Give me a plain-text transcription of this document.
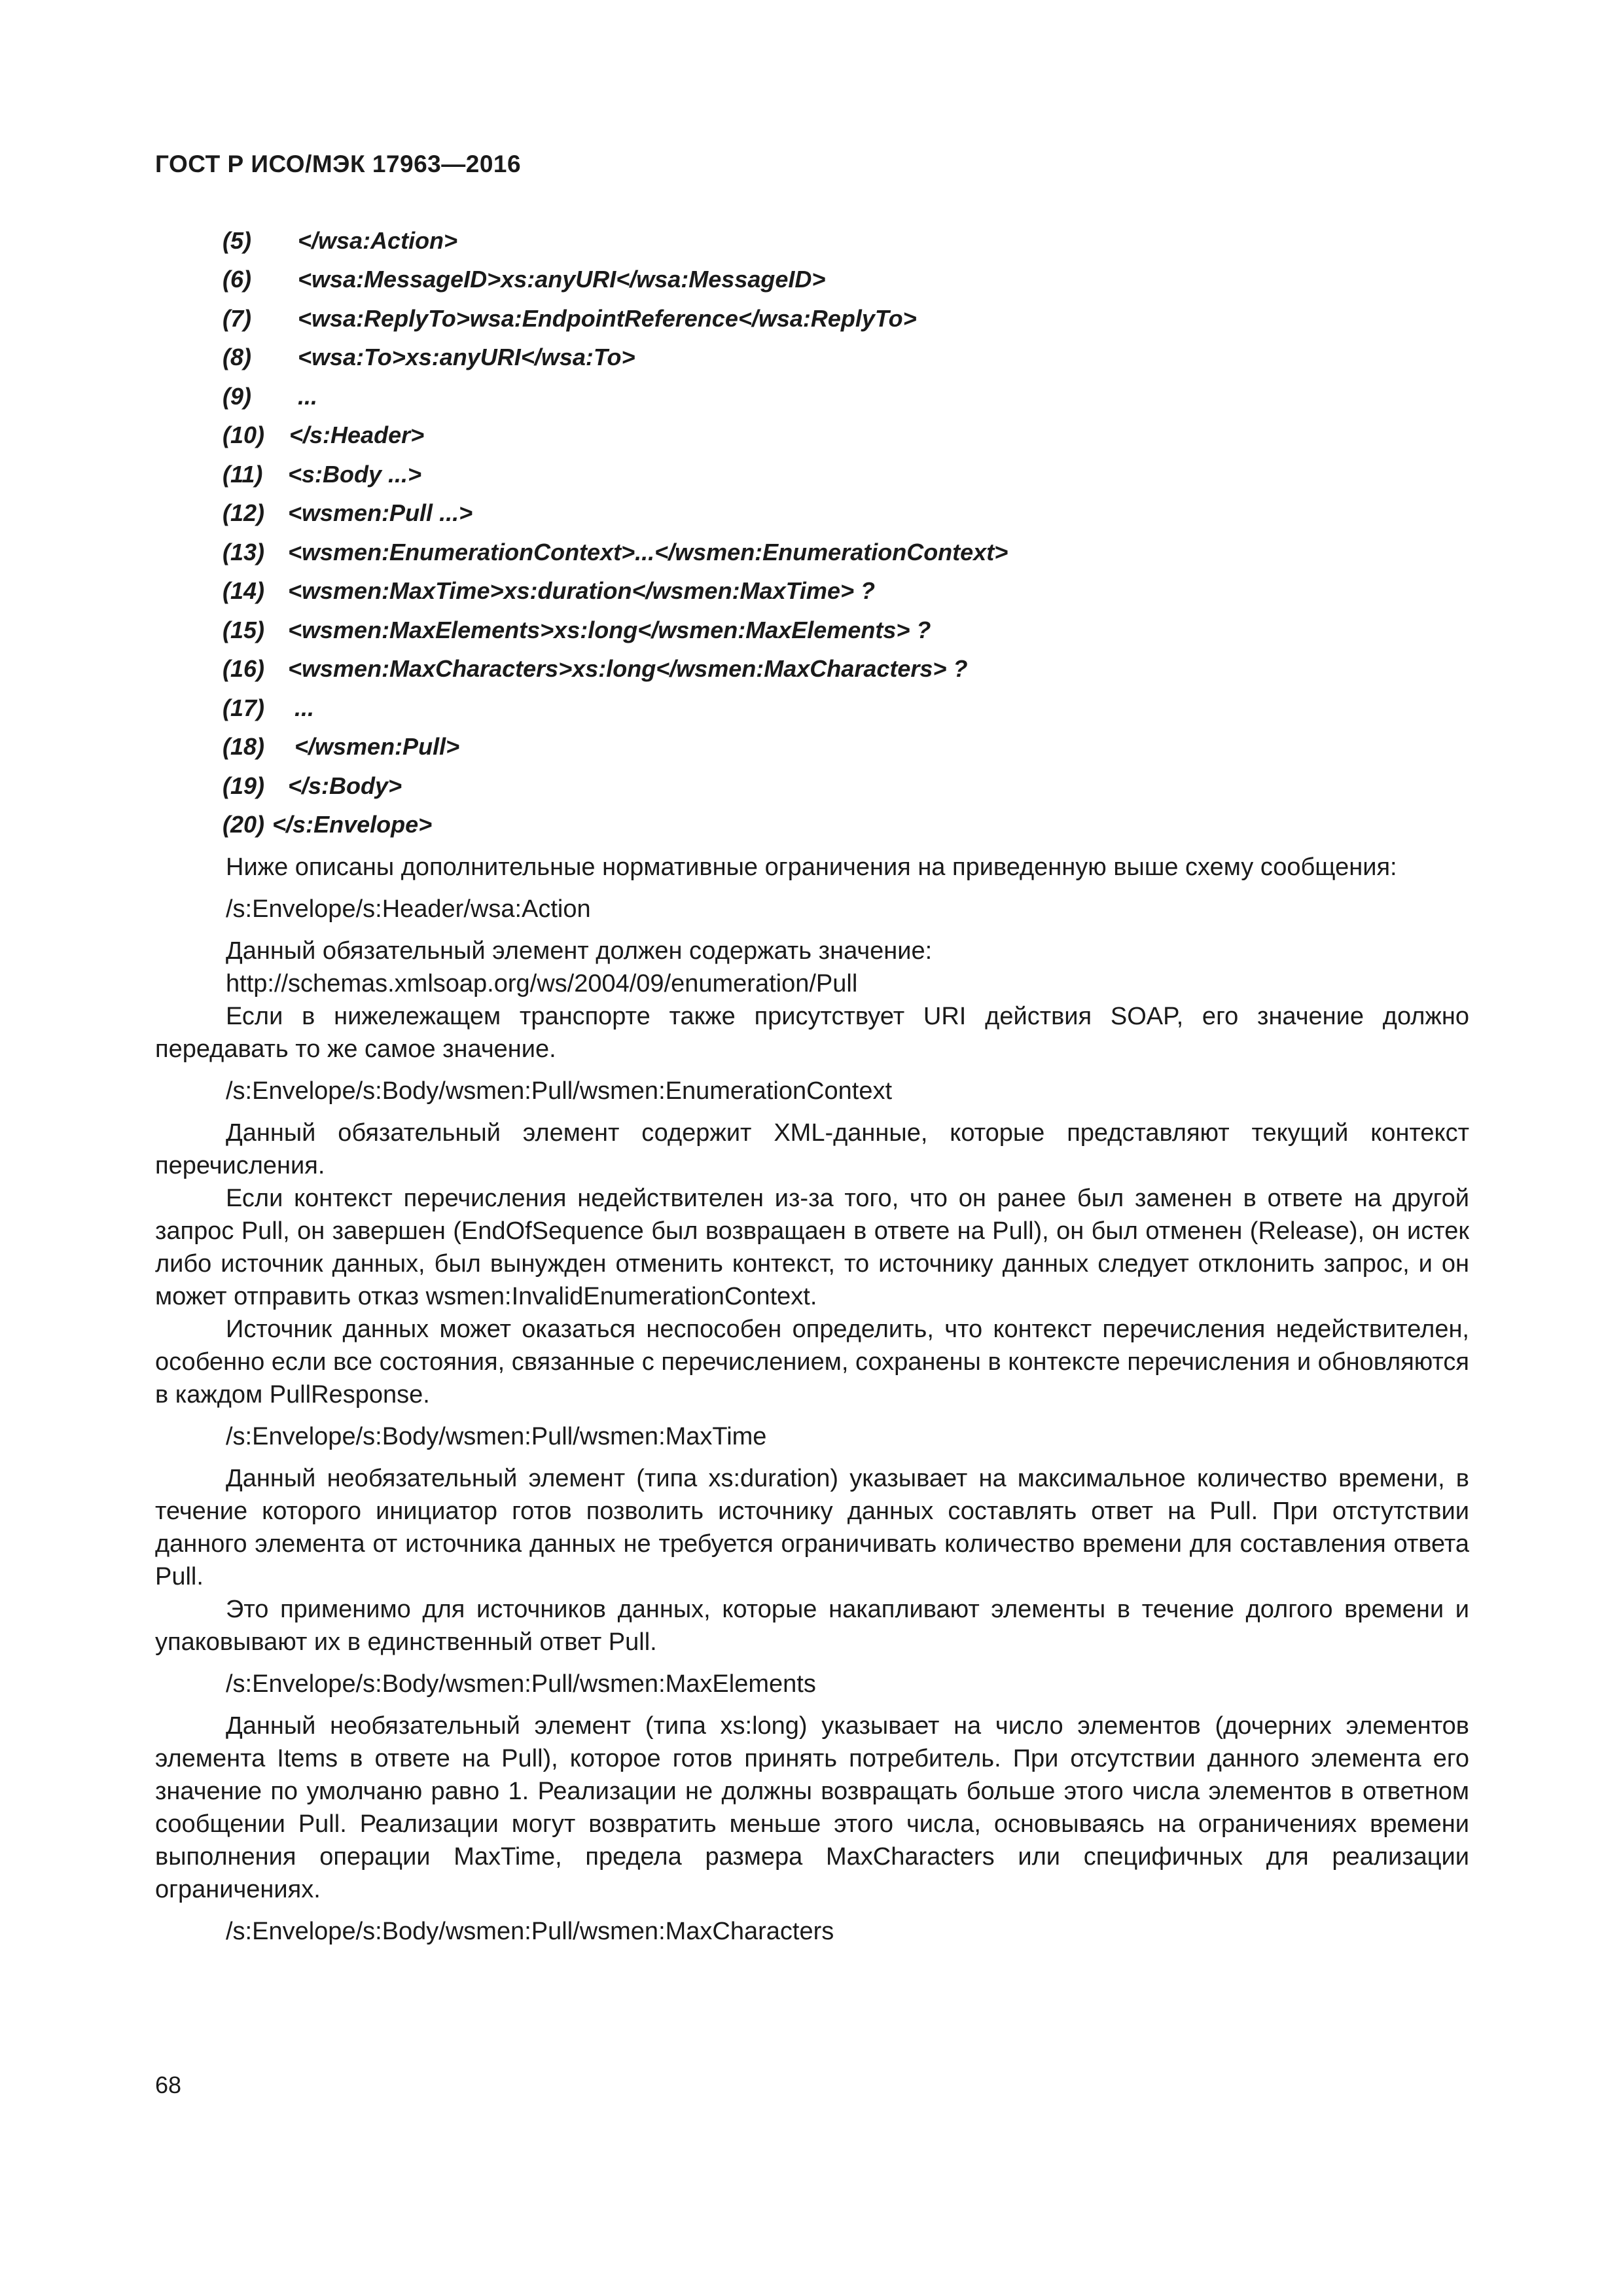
ГОСТ Р ИСО/МЭК 17963—2016
(5)	</wsa:Action>
(6)	<wsa:MessageID>xs:anyURI</wsa:MessageID>
(7)	<wsa:ReplyTo>wsa:EndpointReference</wsa:ReplyTo>
(8)	<wsa:To>xs:anyURI</wsa:To>
(9)	...
(10)	</s:Header>
(11)	<s:Body ...>
(12) <wsmen:Pull ...>
(13) <wsmen:EnumerationContext>...</wsmen:EnumerationContext>
(14) <wsmen:MaxTime>xs:duration</wsmen:MaxTime> ?
(15) <wsmen:MaxElements>xs:long</wsmen:MaxElements> ?
(16) <wsmen:MaxCharacters>xs:long</wsmen:MaxCharacters> ?
(17) ...
(18) </wsmen:Pull>
(19) </s:Body>
(20) </s:Envelope>

Ниже описаны дополнительные нормативные ограничения на приведенную выше схему сообщения:

/s:Envelope/s:Header/wsa:Action

Данный обязательный элемент должен содержать значение:

http://schemas.xmlsoap.org/ws/2004/09/enumeration/Pull

Если в нижележащем транспорте также присутствует URI действия SOAP, его значение должно передавать то же самое значение.

/s:Envelope/s:Body/wsmen:Pull/wsmen:EnumerationContext

Данный обязательный элемент содержит XML-данные, которые представляют текущий контекст перечисления.

Если контекст перечисления недействителен из-за того, что он ранее был заменен в ответе на другой запрос Pull, он завершен (EndOfSequence был возвращаен в ответе на Pull), он был отменен (Release), он истек либо источник данных, был вынужден отменить контекст, то источнику данных следует отклонить запрос, и он может отправить отказ wsmen:InvalidEnumerationContext.

Источник данных может оказаться неспособен определить, что контекст перечисления недействителен, особенно если все состояния, связанные с перечислением, сохранены в контексте перечисления и обновляются в каждом PullResponse.

/s:Envelope/s:Body/wsmen:Pull/wsmen:MaxTime

Данный необязательный элемент (типа xs:duration) указывает на максимальное количество времени, в течение которого инициатор готов позволить источнику данных составлять ответ на Pull. При отстутствии данного элемента от источника данных не требуется ограничивать количество времени для составления ответа Pull.

Это применимо для источников данных, которые накапливают элементы в течение долгого времени и упаковывают их в единственный ответ Pull.

/s:Envelope/s:Body/wsmen:Pull/wsmen:MaxElements

Данный необязательный элемент (типа xs:long) указывает на число элементов (дочерних элементов элемента Items в ответе на Pull), которое готов принять потребитель. При отсутствии данного элемента его значение по умолчаню равно 1. Реализации не должны возвращать больше этого числа элементов в ответном сообщении Pull. Реализации могут возвратить меньше этого числа, основываясь на ограничениях времени выполнения операции MaxTime, предела размера MaxCharacters или специфичных для реализации ограничениях.

/s:Envelope/s:Body/wsmen:Pull/wsmen:MaxCharacters

68
